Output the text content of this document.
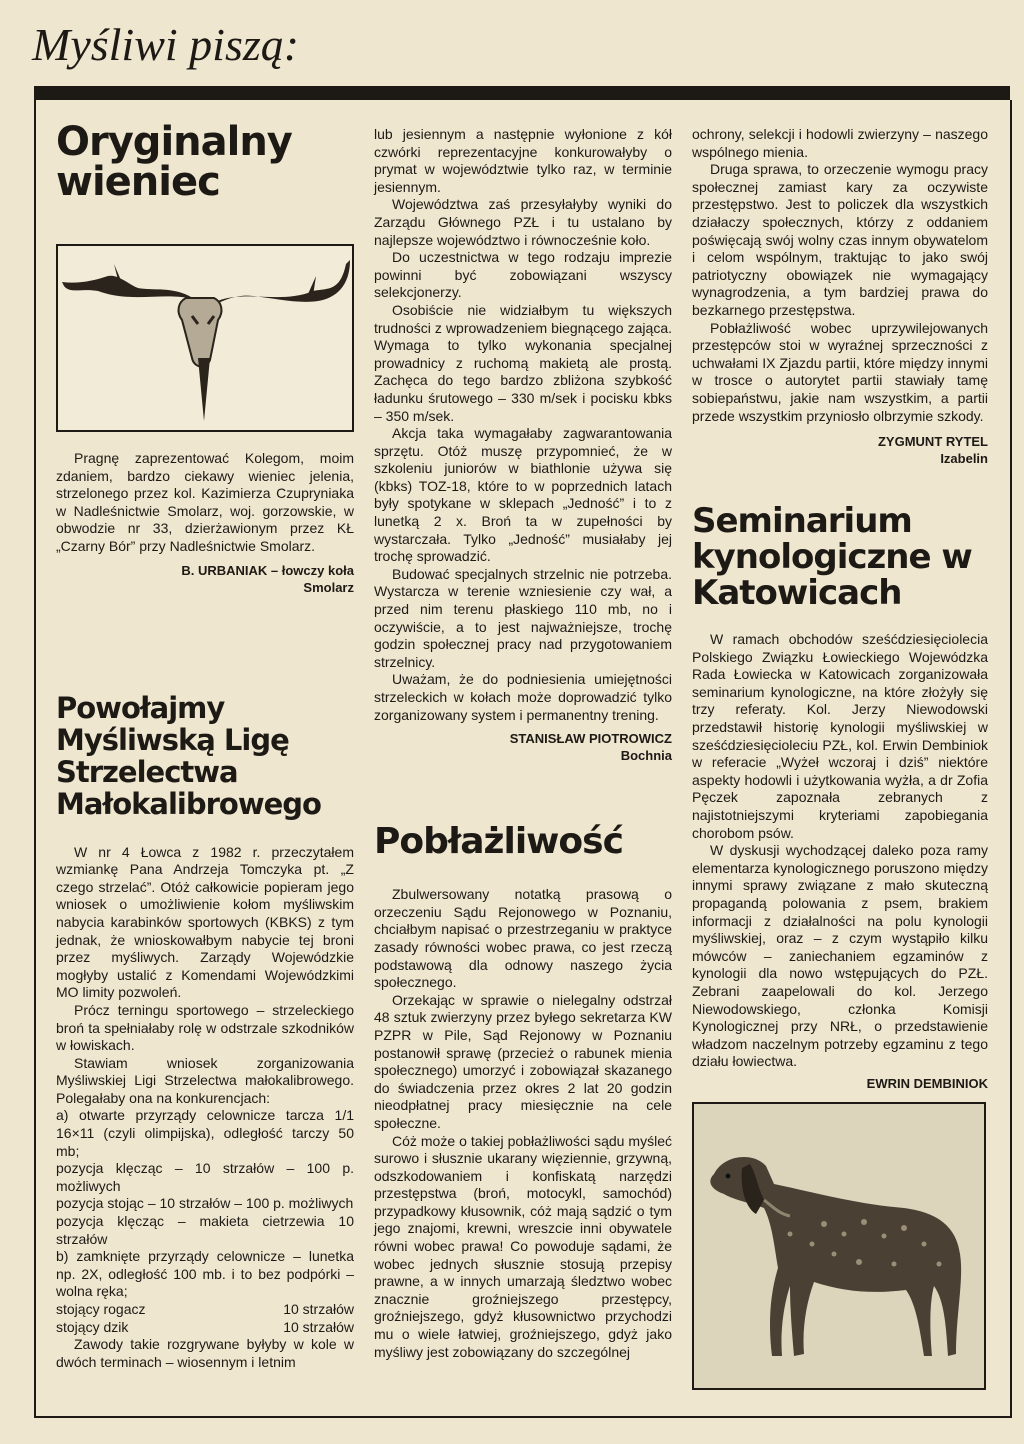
Myśliwi piszą:
Oryginalny wieniec

Pragnę zaprezentować Kolegom, moim zdaniem, bardzo ciekawy wieniec jelenia, strzelonego przez kol. Kazimierza Czupryniaka w Nadleśnictwie Smolarz, woj. gorzowskie, w obwodzie nr 33, dzierżawionym przez KŁ „Czarny Bór” przy Nadleśnictwie Smolarz.

B. URBANIAK – łowczy koła
Smolarz
Powołajmy Myśliwską Ligę Strzelectwa Małokalibrowego

W nr 4 Łowca z 1982 r. przeczytałem wzmiankę Pana Andrzeja Tomczyka pt. „Z czego strzelać”. Otóż całkowicie popieram jego wniosek o umożliwienie kołom myśliwskim nabycia karabinków sportowych (KBKS) z tym jednak, że wnioskowałbym nabycie tej broni przez myśliwych. Zarządy Wojewódzkie mogłyby ustalić z Komendami Wojewódzkimi MO limity pozwoleń.

Prócz terningu sportowego – strzeleckiego broń ta spełniałaby rolę w odstrzale szkodników w łowiskach.

Stawiam wniosek zorganizowania Myśliwskiej Ligi Strzelectwa małokalibrowego. Polegałaby ona na konkurencjach:

a) otwarte przyrządy celownicze tarcza 1/1 16×11 (czyli olimpijska), odległość tarczy 50 mb;

pozycja klęcząc – 10 strzałów – 100 p. możliwych

pozycja stojąc – 10 strzałów – 100 p. możliwych

pozycja klęcząc – makieta cietrzewia 10 strzałów

b) zamknięte przyrządy celownicze – lunetka np. 2X, odległość 100 mb. i to bez podpórki – wolna ręka;

stojący rogacz	10 strzałów
stojący dzik	10 strzałów

Zawody takie rozgrywane byłyby w kole w dwóch terminach – wiosennym i letnim

lub jesiennym a następnie wyłonione z kół czwórki reprezentacyjne konkurowałyby o prymat w województwie tylko raz, w terminie jesiennym.

Województwa zaś przesyłałyby wyniki do Zarządu Głównego PZŁ i tu ustalano by najlepsze województwo i równocześnie koło.

Do uczestnictwa w tego rodzaju imprezie powinni być zobowiązani wszyscy selekcjonerzy.

Osobiście nie widziałbym tu większych trudności z wprowadzeniem biegnącego zająca. Wymaga to tylko wykonania specjalnej prowadnicy z ruchomą makietą ale prostą. Zachęca do tego bardzo zbliżona szybkość ładunku śrutowego – 330 m/sek i pocisku kbks – 350 m/sek.

Akcja taka wymagałaby zagwarantowania sprzętu. Otóż muszę przypomnieć, że w szkoleniu juniorów w biathlonie używa się (kbks) TOZ-18, które to w poprzednich latach były spotykane w sklepach „Jedność” i to z lunetką 2 x. Broń ta w zupełności by wystarczała. Tylko „Jedność” musiałaby jej trochę sprowadzić.

Budować specjalnych strzelnic nie potrzeba. Wystarcza w terenie wzniesienie czy wał, a przed nim terenu płaskiego 110 mb, no i oczywiście, a to jest najważniejsze, trochę godzin społecznej pracy nad przygotowaniem strzelnicy.

Uważam, że do podniesienia umiejętności strzeleckich w kołach może doprowadzić tylko zorganizowany system i permanentny trening.

STANISŁAW PIOTROWICZ
Bochnia
Pobłażliwość

Zbulwersowany notatką prasową o orzeczeniu Sądu Rejonowego w Poznaniu, chciałbym napisać o przestrzeganiu w praktyce zasady równości wobec prawa, co jest rzeczą podstawową dla odnowy naszego życia społecznego.

Orzekając w sprawie o nielegalny odstrzał 48 sztuk zwierzyny przez byłego sekretarza KW PZPR w Pile, Sąd Rejonowy w Poznaniu postanowił sprawę (przecież o rabunek mienia społecznego) umorzyć i zobowiązał skazanego do świadczenia przez okres 2 lat 20 godzin nieodpłatnej pracy miesięcznie na cele społeczne.

Cóż może o takiej pobłażliwości sądu myśleć surowo i słusznie ukarany więziennie, grzywną, odszkodowaniem i konfiskatą narzędzi przestępstwa (broń, motocykl, samochód) przypadkowy kłusownik, cóż mają sądzić o tym jego znajomi, krewni, wreszcie inni obywatele równi wobec prawa! Co powoduje sądami, że wobec jednych słusznie stosują przepisy prawne, a w innych umarzają śledztwo wobec znacznie groźniejszego przestępcy, groźniejszego, gdyż kłusownictwo przychodzi mu o wiele łatwiej, groźniejszego, gdyż jako myśliwy jest zobowiązany do szczególnej

ochrony, selekcji i hodowli zwierzyny – naszego wspólnego mienia.

Druga sprawa, to orzeczenie wymogu pracy społecznej zamiast kary za oczywiste przestępstwo. Jest to policzek dla wszystkich działaczy społecznych, którzy z oddaniem poświęcają swój wolny czas innym obywatelom i celom wspólnym, traktując to jako swój patriotyczny obowiązek nie wymagający wynagrodzenia, a tym bardziej prawa do bezkarnego przestępstwa.

Pobłażliwość wobec uprzywilejowanych przestępców stoi w wyraźnej sprzeczności z uchwałami IX Zjazdu partii, które między innymi w trosce o autorytet partii stawiały tamę sobiepaństwu, jakie nam wszystkim, a partii przede wszystkim przyniosło olbrzymie szkody.

ZYGMUNT RYTEL
Izabelin
Seminarium kynologiczne w Katowicach

W ramach obchodów sześćdziesięciolecia Polskiego Związku Łowieckiego Wojewódzka Rada Łowiecka w Katowicach zorganizowała seminarium kynologiczne, na które złożyły się trzy referaty. Kol. Jerzy Niewodowski przedstawił historię kynologii myśliwskiej w sześćdziesięcioleciu PZŁ, kol. Erwin Dembiniok w referacie „Wyżeł wczoraj i dziś” niektóre aspekty hodowli i użytkowania wyżła, a dr Zofia Pęczek zapoznała zebranych z najistotniejszymi kryteriami zapobiegania chorobom psów.

W dyskusji wychodzącej daleko poza ramy elementarza kynologicznego poruszono między innymi sprawy związane z mało skuteczną propagandą polowania z psem, brakiem informacji z działalności na polu kynologii myśliwskiej, oraz – z czym wystąpiło kilku mówców – zaniechaniem egzaminów z kynologii dla nowo wstępujących do PZŁ. Zebrani zaapelowali do kol. Jerzego Niewodowskiego, członka Komisji Kynologicznej przy NRŁ, o przedstawienie władzom naczelnym potrzeby egzaminu z tego działu łowiectwa.

EWRIN DEMBINIOK
